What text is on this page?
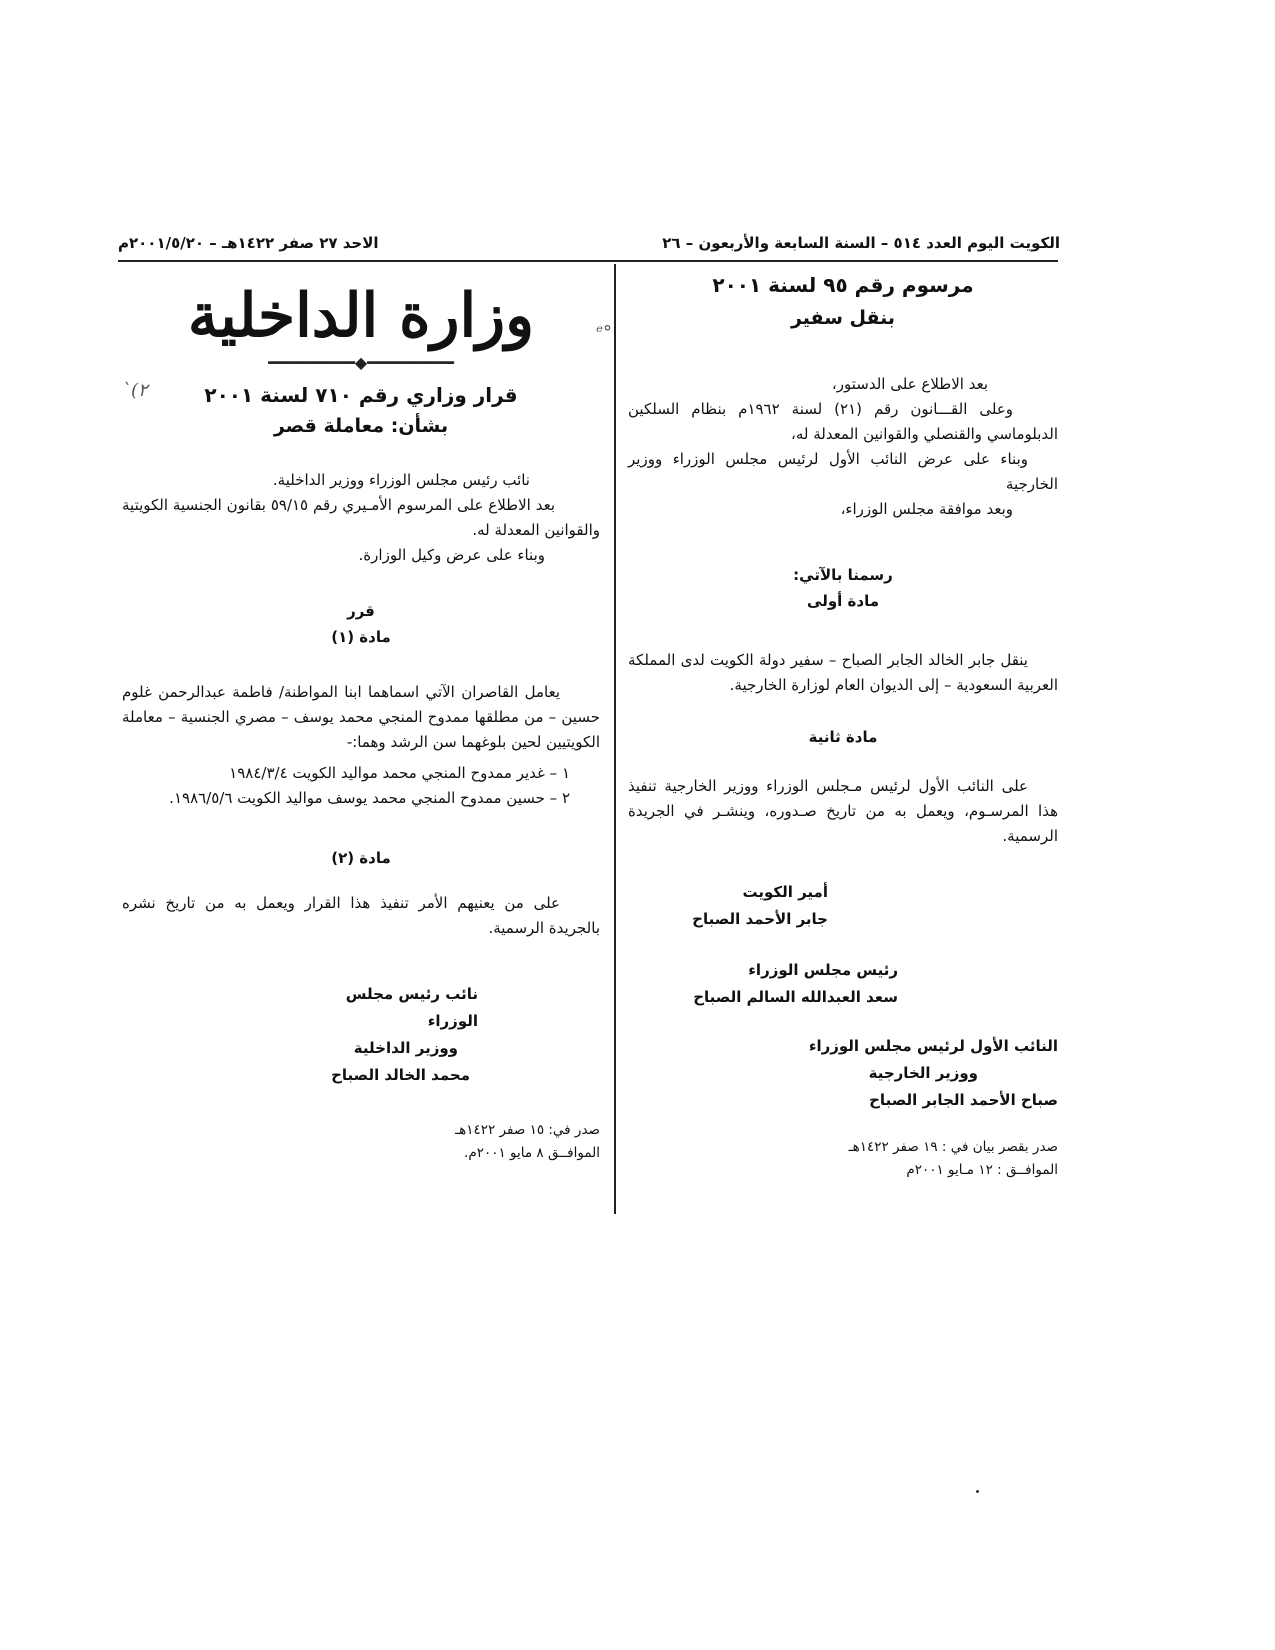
الكويت اليوم العدد ٥١٤ – السنة السابعة والأربعون – ٢٦
الاحد ٢٧ صفر ١٤٢٢هـ – ٢٠٠١/٥/٢٠م
مرسوم رقم ٩٥ لسنة ٢٠٠١
بنقل سفير

بعد الاطلاع على الدستور،

وعلى القـــانون رقم (٢١) لسنة ١٩٦٢م بنظام السلكين الدبلوماسي والقنصلي والقوانين المعدلة له،

وبناء على عرض النائب الأول لرئيس مجلس الوزراء ووزير الخارجية

وبعد موافقة مجلس الوزراء،

رسمنا بالآتي:
مادة أولى

ينقل جابر الخالد الجابر الصباح – سفير دولة الكويت لدى المملكة العربية السعودية – إلى الديوان العام لوزارة الخارجية.

مادة ثانية

على النائب الأول لرئيس مـجلس الوزراء ووزير الخارجية تنفيذ هذا المرسـوم، ويعمل به من تاريخ صـدوره، وينشـر في الجريدة الرسمية.

أمير الكويت
جابر الأحمد الصباح
رئيس مجلس الوزراء
سعد العبدالله السالم الصباح
النائب الأول لرئيس مجلس الوزراء
ووزير الخارجية
صباح الأحمد الجابر الصباح
صدر بقصر بيان في : ١٩ صفر ١٤٢٢هـ
الموافــق : ١٢ مـايو ٢٠٠١م
وزارة الداخلية
━━━━━━━━━◆━━━━━━━━━
قرار وزاري رقم ٧١٠ لسنة ٢٠٠١
بشأن: معاملة قصر

نائب رئيس مجلس الوزراء ووزير الداخلية.

بعد الاطلاع على المرسوم الأمـيري رقم ٥٩/١٥ بقانون الجنسية الكويتية والقوانين المعدلة له.

وبناء على عرض وكيل الوزارة.

قرر
مادة (١)

يعامل القاصران الآتي اسماهما ابنا المواطنة/ فاطمة عبدالرحمن غلوم حسين – من مطلقها ممدوح المنجي محمد يوسف – مصري الجنسية – معاملة الكويتيين لحين بلوغهما سن الرشد وهما:-

١ – غدير ممدوح المنجي محمد مواليد الكويت ١٩٨٤/٣/٤

٢ – حسين ممدوح المنجي محمد يوسف مواليد الكويت ١٩٨٦/٥/٦.

مادة (٢)

على من يعنيهم الأمر تنفيذ هذا القرار ويعمل به من تاريخ نشره بالجريدة الرسمية.

نائب رئيس مجلس الوزراء
ووزير الداخلية
محمد الخالد الصباح
صدر في: ١٥ صفر ١٤٢٢هـ
الموافــق ٨ مايو ٢٠٠١م.
°ᵉ
٢)`
